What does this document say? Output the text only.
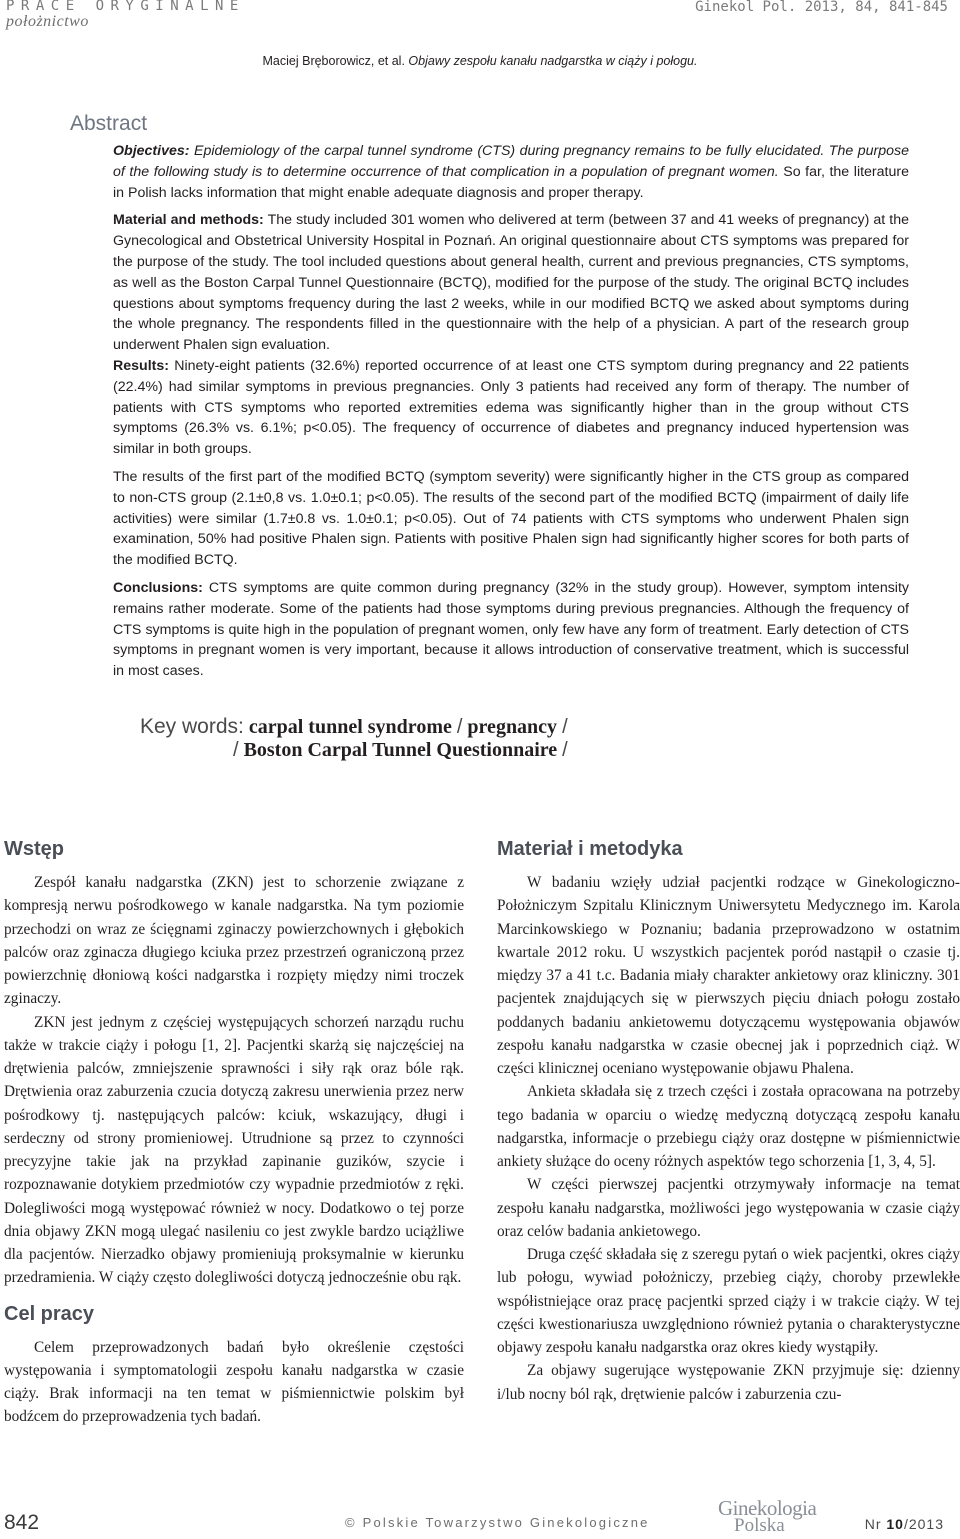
PRACE ORYGINALNE
położnictwo
Ginekol Pol. 2013, 84, 841-845
Maciej Bręborowicz, et al. Objawy zespołu kanału nadgarstka w ciąży i połogu.
Abstract

Objectives: Epidemiology of the carpal tunnel syndrome (CTS) during pregnancy remains to be fully elucidated. The purpose of the following study is to determine occurrence of that complication in a population of pregnant women. So far, the literature in Polish lacks information that might enable adequate diagnosis and proper therapy.

Material and methods: The study included 301 women who delivered at term (between 37 and 41 weeks of pregnancy) at the Gynecological and Obstetrical University Hospital in Poznań. An original questionnaire about CTS symptoms was prepared for the purpose of the study. The tool included questions about general health, current and previous pregnancies, CTS symptoms, as well as the Boston Carpal Tunnel Questionnaire (BCTQ), modified for the purpose of the study. The original BCTQ includes questions about symptoms frequency during the last 2 weeks, while in our modified BCTQ we asked about symptoms during the whole pregnancy. The respondents filled in the questionnaire with the help of a physician. A part of the research group underwent Phalen sign evaluation.

Results: Ninety-eight patients (32.6%) reported occurrence of at least one CTS symptom during pregnancy and 22 patients (22.4%) had similar symptoms in previous pregnancies. Only 3 patients had received any form of therapy. The number of patients with CTS symptoms who reported extremities edema was significantly higher than in the group without CTS symptoms (26.3% vs. 6.1%; p<0.05). The frequency of occurrence of diabetes and pregnancy induced hypertension was similar in both groups.

The results of the first part of the modified BCTQ (symptom severity) were significantly higher in the CTS group as compared to non-CTS group (2.1±0,8 vs. 1.0±0.1; p<0.05). The results of the second part of the modified BCTQ (impairment of daily life activities) were similar (1.7±0.8 vs. 1.0±0.1; p<0.05). Out of 74 patients with CTS symptoms who underwent Phalen sign examination, 50% had positive Phalen sign. Patients with positive Phalen sign had significantly higher scores for both parts of the modified BCTQ.

Conclusions: CTS symptoms are quite common during pregnancy (32% in the study group). However, symptom intensity remains rather moderate. Some of the patients had those symptoms during previous pregnancies. Although the frequency of CTS symptoms is quite high in the population of pregnant women, only few have any form of treatment. Early detection of CTS symptoms in pregnant women is very important, because it allows introduction of conservative treatment, which is successful in most cases.

Key words: carpal tunnel syndrome / pregnancy /
/ Boston Carpal Tunnel Questionnaire /
Wstęp

Zespół kanału nadgarstka (ZKN) jest to schorzenie związane z kompresją nerwu pośrodkowego w kanale nadgarstka. Na tym poziomie przechodzi on wraz ze ścięgnami zginaczy powierzchownych i głębokich palców oraz zginacza długiego kciuka przez przestrzeń ograniczoną przez powierzchnię dłoniową kości nadgarstka i rozpięty między nimi troczek zginaczy.

ZKN jest jednym z częściej występujących schorzeń narządu ruchu także w trakcie ciąży i połogu [1, 2]. Pacjentki skarżą się najczęściej na drętwienia palców, zmniejszenie sprawności i siły rąk oraz bóle rąk. Drętwienia oraz zaburzenia czucia dotyczą zakresu unerwienia przez nerw pośrodkowy tj. następujących palców: kciuk, wskazujący, długi i serdeczny od strony promieniowej. Utrudnione są przez to czynności precyzyjne takie jak na przykład zapinanie guzików, szycie i rozpoznawanie dotykiem przedmiotów czy wypadnie przedmiotów z ręki. Dolegliwości mogą występować również w nocy. Dodatkowo o tej porze dnia objawy ZKN mogą ulegać nasileniu co jest zwykle bardzo uciążliwe dla pacjentów. Nierzadko objawy promieniują proksymalnie w kierunku przedramienia. W ciąży często dolegliwości dotyczą jednocześnie obu rąk.

Cel pracy

Celem przeprowadzonych badań było określenie częstości występowania i symptomatologii zespołu kanału nadgarstka w czasie ciąży. Brak informacji na ten temat w piśmiennictwie polskim był bodźcem do przeprowadzenia tych badań.

Materiał i metodyka

W badaniu wzięły udział pacjentki rodzące w Ginekologiczno-Położniczym Szpitalu Klinicznym Uniwersytetu Medycznego im. Karola Marcinkowskiego w Poznaniu; badania przeprowadzono w ostatnim kwartale 2012 roku. U wszystkich pacjentek poród nastąpił o czasie tj. między 37 a 41 t.c. Badania miały charakter ankietowy oraz kliniczny. 301 pacjentek znajdujących się w pierwszych pięciu dniach połogu zostało poddanych badaniu ankietowemu dotyczącemu występowania objawów zespołu kanału nadgarstka w czasie obecnej jak i poprzednich ciąż. W części klinicznej oceniano występowanie objawu Phalena.

Ankieta składała się z trzech części i została opracowana na potrzeby tego badania w oparciu o wiedzę medyczną dotyczącą zespołu kanału nadgarstka, informacje o przebiegu ciąży oraz dostępne w piśmiennictwie ankiety służące do oceny różnych aspektów tego schorzenia [1, 3, 4, 5].

W części pierwszej pacjentki otrzymywały informacje na temat zespołu kanału nadgarstka, możliwości jego występowania w czasie ciąży oraz celów badania ankietowego.

Druga część składała się z szeregu pytań o wiek pacjentki, okres ciąży lub połogu, wywiad położniczy, przebieg ciąży, choroby przewlekłe współistniejące oraz pracę pacjentki sprzed ciąży i w trakcie ciąży. W tej części kwestionariusza uwzględniono również pytania o charakterystyczne objawy zespołu kanału nadgarstka oraz okres kiedy wystąpiły.

Za objawy sugerujące występowanie ZKN przyjmuje się: dzienny i/lub nocny ból rąk, drętwienie palców i zaburzenia czu-

842	© Polskie Towarzystwo Ginekologiczne
Ginekologia
Polska	Nr 10/2013
